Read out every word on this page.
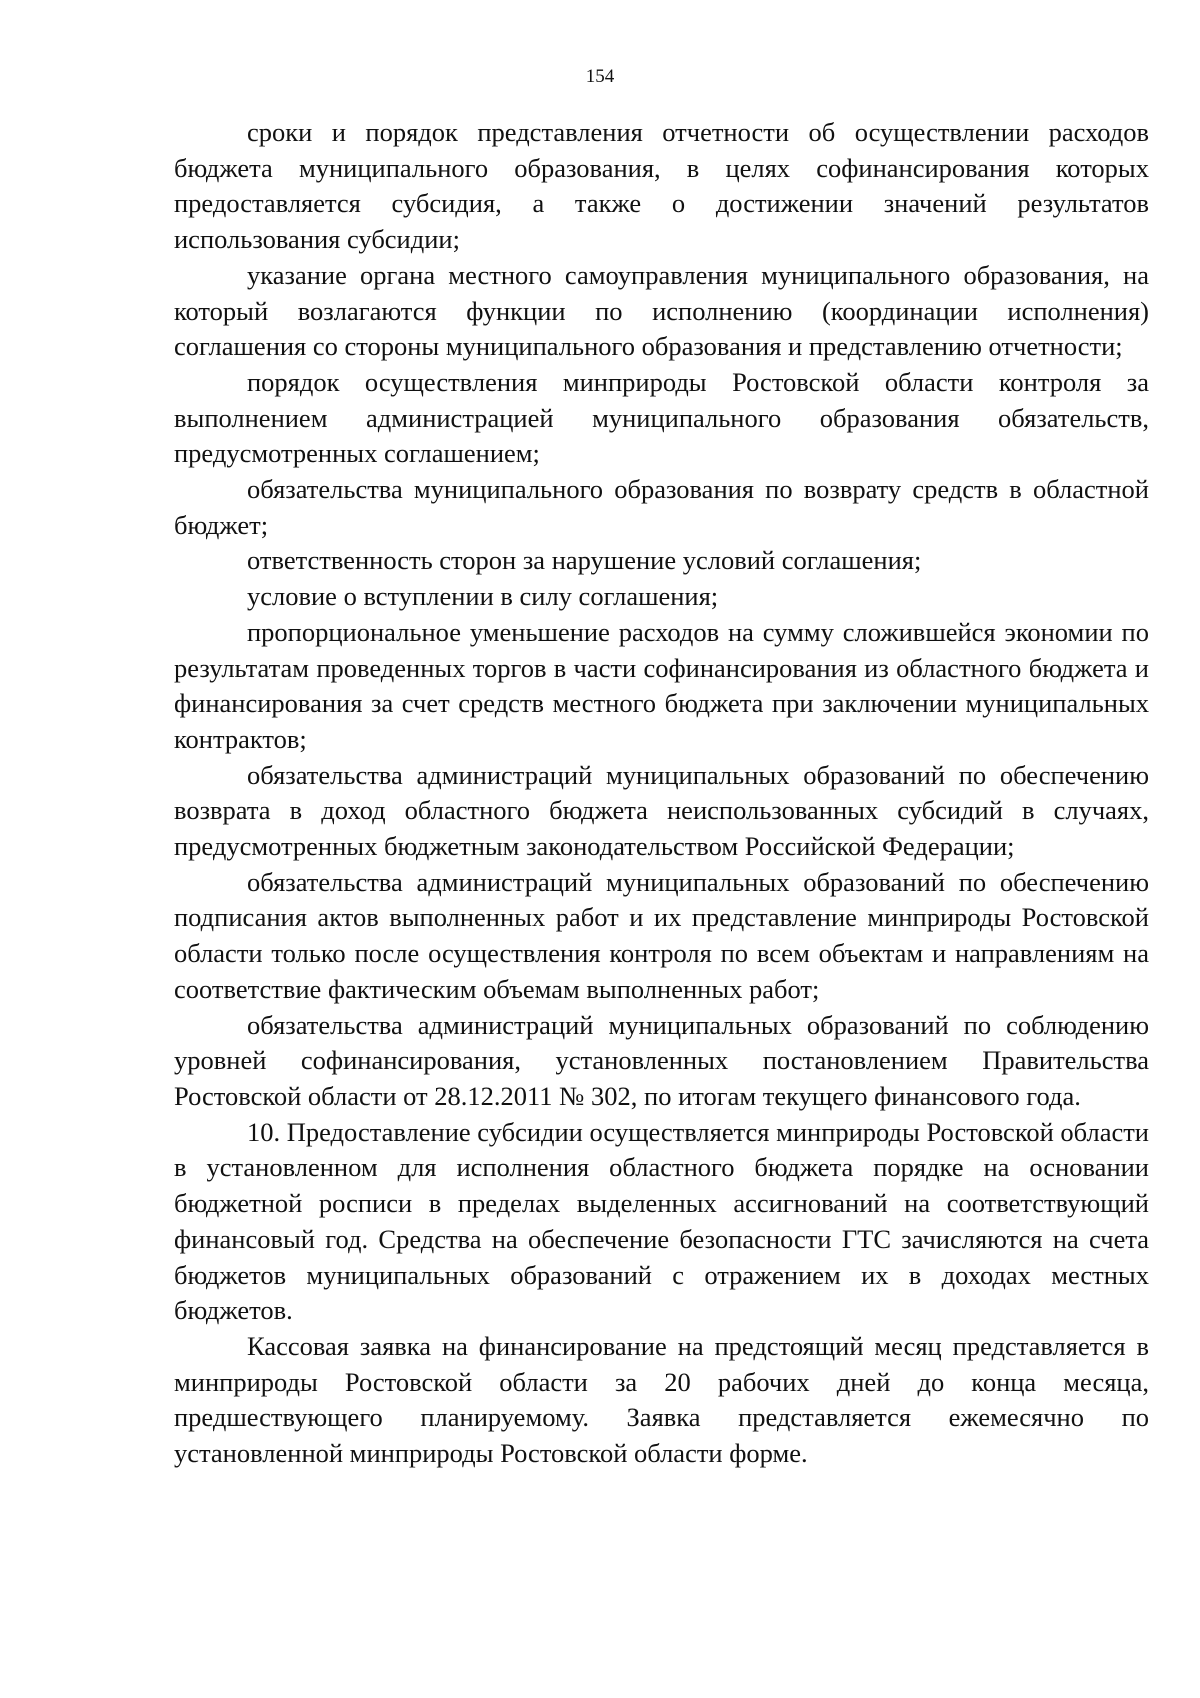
154

сроки и порядок представления отчетности об осуществлении расходов бюджета муниципального образования, в целях софинансирования которых предоставляется субсидия, а также о достижении значений результатов использования субсидии;

указание органа местного самоуправления муниципального образования, на который возлагаются функции по исполнению (координации исполнения) соглашения со стороны муниципального образования и представлению отчетности;

порядок осуществления минприроды Ростовской области контроля за выполнением администрацией муниципального образования обязательств, предусмотренных соглашением;

обязательства муниципального образования по возврату средств в областной бюджет;

ответственность сторон за нарушение условий соглашения;

условие о вступлении в силу соглашения;

пропорциональное уменьшение расходов на сумму сложившейся экономии по результатам проведенных торгов в части софинансирования из областного бюджета и финансирования за счет средств местного бюджета при заключении муниципальных контрактов;

обязательства администраций муниципальных образований по обеспечению возврата в доход областного бюджета неиспользованных субсидий в случаях, предусмотренных бюджетным законодательством Российской Федерации;

обязательства администраций муниципальных образований по обеспечению подписания актов выполненных работ и их представление минприроды Ростовской области только после осуществления контроля по всем объектам и направлениям на соответствие фактическим объемам выполненных работ;

обязательства администраций муниципальных образований по соблюдению уровней софинансирования, установленных постановлением Правительства Ростовской области от 28.12.2011 № 302, по итогам текущего финансового года.

10. Предоставление субсидии осуществляется минприроды Ростовской области в установленном для исполнения областного бюджета порядке на основании бюджетной росписи в пределах выделенных ассигнований на соответствующий финансовый год. Средства на обеспечение безопасности ГТС зачисляются на счета бюджетов муниципальных образований с отражением их в доходах местных бюджетов.

Кассовая заявка на финансирование на предстоящий месяц представляется в минприроды Ростовской области за 20 рабочих дней до конца месяца, предшествующего планируемому. Заявка представляется ежемесячно по установленной минприроды Ростовской области форме.
